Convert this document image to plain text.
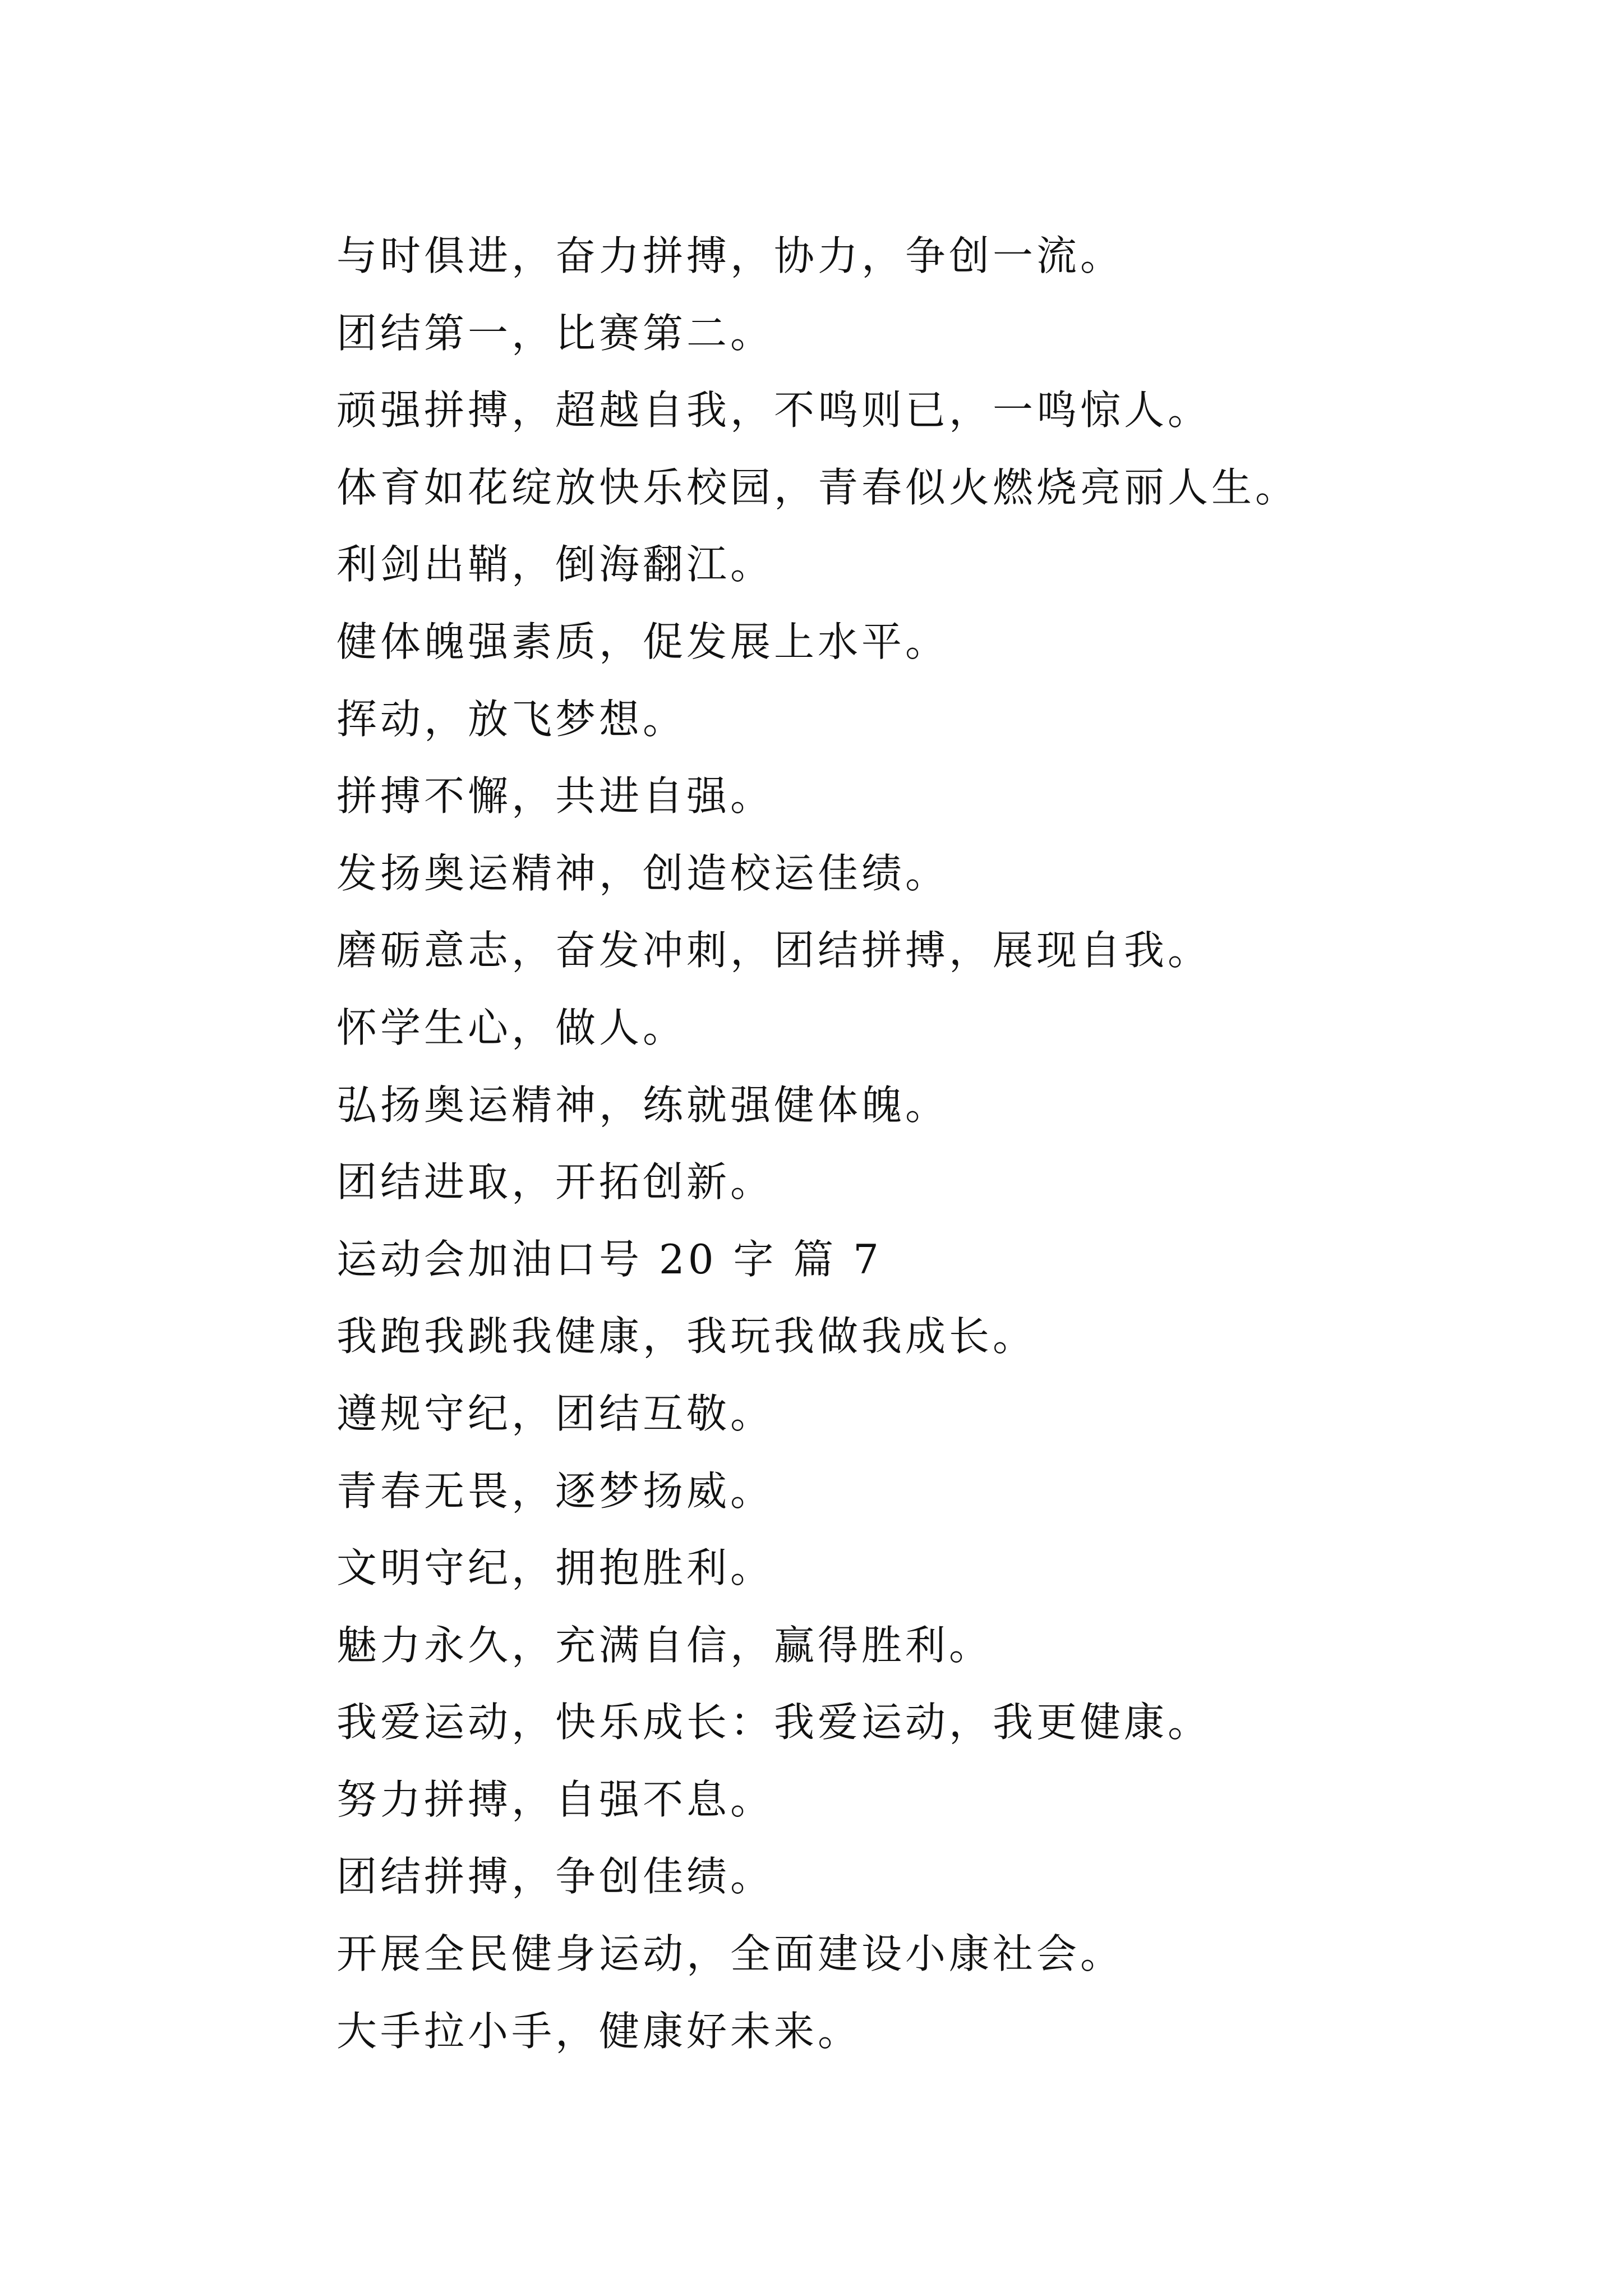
与时俱进，奋力拼搏，协力，争创一流。
团结第一，比赛第二。
顽强拼搏，超越自我，不鸣则已，一鸣惊人。
体育如花绽放快乐校园，青春似火燃烧亮丽人生。
利剑出鞘，倒海翻江。
健体魄强素质，促发展上水平。
挥动，放飞梦想。
拼搏不懈，共进自强。
发扬奥运精神，创造校运佳绩。
磨砺意志，奋发冲刺，团结拼搏，展现自我。
怀学生心，做人。
弘扬奥运精神，练就强健体魄。
团结进取，开拓创新。
运动会加油口号 20 字 篇 7
我跑我跳我健康，我玩我做我成长。
遵规守纪，团结互敬。
青春无畏，逐梦扬威。
文明守纪，拥抱胜利。
魅力永久，充满自信，赢得胜利。
我爱运动，快乐成长：我爱运动，我更健康。
努力拼搏，自强不息。
团结拼搏，争创佳绩。
开展全民健身运动，全面建设小康社会。
大手拉小手，健康好未来。
